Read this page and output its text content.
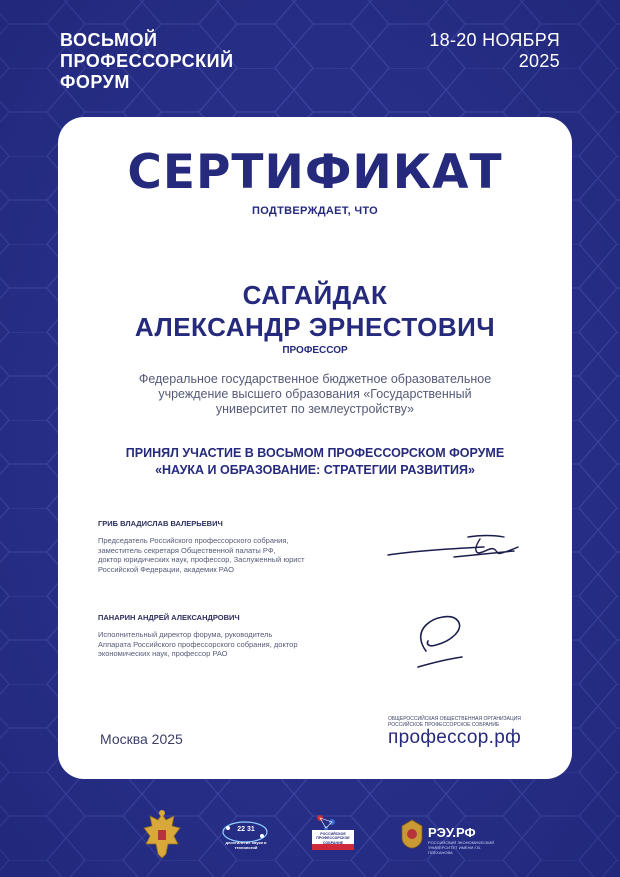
ВОСЬМОЙ
ПРОФЕССОРСКИЙ
ФОРУМ
18-20 НОЯБРЯ
2025
СЕРТИФИКАТ
ПОДТВЕРЖДАЕТ, ЧТО
САГАЙДАК
АЛЕКСАНДР ЭРНЕСТОВИЧ
ПРОФЕССОР
Федеральное государственное бюджетное образовательное
учреждение высшего образования «Государственный
университет по землеустройству»
ПРИНЯЛ УЧАСТИЕ В ВОСЬМОМ ПРОФЕССОРСКОМ ФОРУМЕ
«НАУКА И ОБРАЗОВАНИЕ: СТРАТЕГИИ РАЗВИТИЯ»
ГРИБ ВЛАДИСЛАВ ВАЛЕРЬЕВИЧ
Председатель Российского профессорского собрания,
заместитель секретаря Общественной палаты РФ,
доктор юридических наук, профессор, Заслуженный юрист
Российской Федерации, академик РАО
ПАНАРИН АНДРЕЙ АЛЕКСАНДРОВИЧ
Исполнительный директор форума, руководитель
Аппарата Российского профессорского собрания, доктор
экономических наук, профессор РАО
Москва 2025
ОБЩЕРОССИЙСКАЯ ОБЩЕСТВЕННАЯ ОРГАНИЗАЦИЯ
РОССИЙСКОЕ ПРОФЕССОРСКОЕ СОБРАНИЕ
профессор.рф
22 31
десятилетие науки и технологий
РОССИЙСКОЕ ПРОФЕССОРСКОЕ СОБРАНИЕ
РЭУ.РФ
РОССИЙСКИЙ ЭКОНОМИЧЕСКИЙ УНИВЕРСИТЕТ ИМЕНИ Г.В. ПЛЕХАНОВА
